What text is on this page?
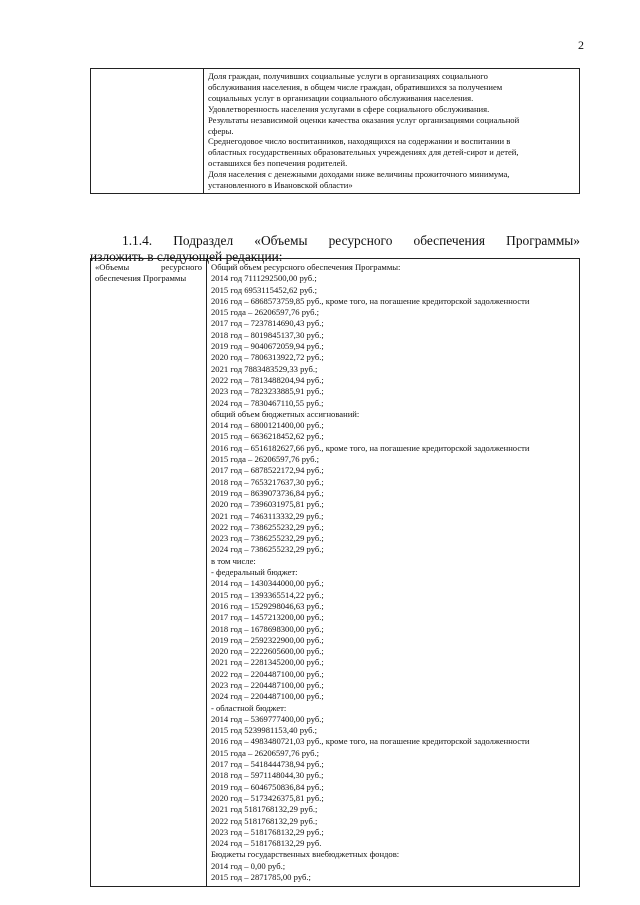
2

Доля граждан, получивших социальные услуги в организациях социального
обслуживания населения, в общем числе граждан, обратившихся за получением
социальных услуг в организации социального обслуживания населения.
Удовлетворенность населения услугами в сфере социального обслуживания.
Результаты независимой оценки качества оказания услуг организациями социальной
сферы.
Среднегодовое число воспитанников, находящихся на содержании и воспитании в
областных государственных образовательных учреждениях для детей-сирот и детей,
оставшихся без попечения родителей.
Доля населения с денежными доходами ниже величины прожиточного минимума,
установленного в Ивановской области»
1.1.4. Подраздел «Объемы ресурсного обеспечения Программы»
изложить в следующей редакции:
«Объемы ресурсного обеспечения Программы

Общий объем ресурсного обеспечения Программы:
2014 год 7111292500,00 руб.;
2015 год 6953115452,62 руб.;
2016 год – 6868573759,85 руб., кроме того, на погашение кредиторской задолженности
2015 года – 26206597,76 руб.;
2017 год – 7237814690,43 руб.;
2018 год – 8019845137,30 руб.;
2019 год – 9040672059,94 руб.;
2020 год – 7806313922,72 руб.;
2021 год 7883483529,33 руб.;
2022 год – 7813488204,94 руб.;
2023 год – 7823233885,91 руб.;
2024 год – 7830467110,55 руб.;
общий объем бюджетных ассигнований:
2014 год – 6800121400,00 руб.;
2015 год – 6636218452,62 руб.;
2016 год – 6516182627,66 руб., кроме того, на погашение кредиторской задолженности
2015 года – 26206597,76 руб.;
2017 год – 6878522172,94 руб.;
2018 год – 7653217637,30 руб.;
2019 год – 8639073736,84 руб.;
2020 год – 7396031975,81 руб.;
2021 год – 7463113332,29 руб.;
2022 год – 7386255232,29 руб.;
2023 год – 7386255232,29 руб.;
2024 год – 7386255232,29 руб.;
в том числе:
- федеральный бюджет:
2014 год – 1430344000,00 руб.;
2015 год – 1393365514,22 руб.;
2016 год – 1529298046,63 руб.;
2017 год – 1457213200,00 руб.;
2018 год – 1678698300,00 руб.;
2019 год – 2592322900,00 руб.;
2020 год – 2222605600,00 руб.;
2021 год – 2281345200,00 руб.;
2022 год – 2204487100,00 руб.;
2023 год – 2204487100,00 руб.;
2024 год – 2204487100,00 руб.;
- областной бюджет:
2014 год – 5369777400,00 руб.;
2015 год 5239981153,40 руб.;
2016 год – 4983480721,03 руб., кроме того, на погашение кредиторской задолженности
2015 года – 26206597,76 руб.;
2017 год – 5418444738,94 руб.;
2018 год – 5971148044,30 руб.;
2019 год – 6046750836,84 руб.;
2020 год – 5173426375,81 руб.;
2021 год 5181768132,29 руб.;
2022 год 5181768132,29 руб.;
2023 год – 5181768132,29 руб.;
2024 год – 5181768132,29 руб.
Бюджеты государственных внебюджетных фондов:
2014 год – 0,00 руб.;
2015 год – 2871785,00 руб.;
